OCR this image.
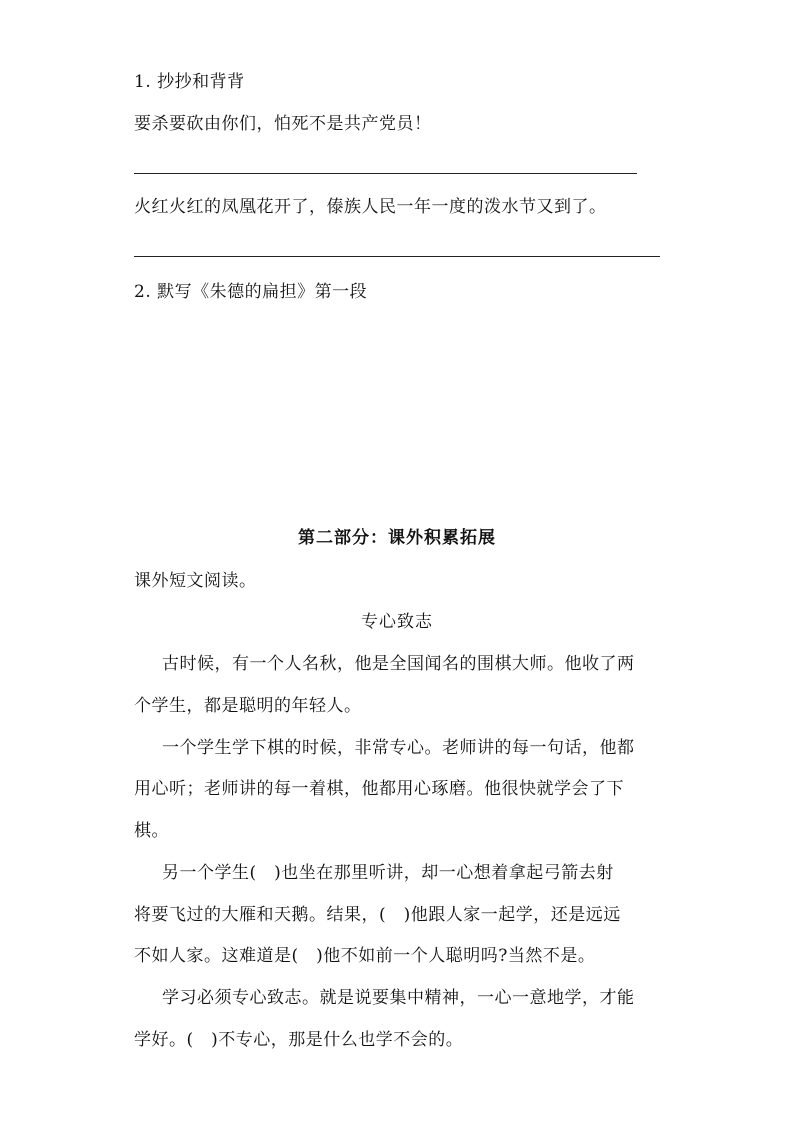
1. 抄抄和背背
要杀要砍由你们，怕死不是共产党员！
火红火红的凤凰花开了，傣族人民一年一度的泼水节又到了。
2. 默写《朱德的扁担》第一段
第二部分：课外积累拓展
课外短文阅读。
专心致志
古时候，有一个人名秋，他是全国闻名的围棋大师。他收了两
个学生，都是聪明的年轻人。
一个学生学下棋的时候，非常专心。老师讲的每一句话，他都
用心听；老师讲的每一着棋，他都用心琢磨。他很快就学会了下
棋。
另一个学生(　)也坐在那里听讲，却一心想着拿起弓箭去射
将要飞过的大雁和天鹅。结果，(　)他跟人家一起学，还是远远
不如人家。这难道是(　)他不如前一个人聪明吗?当然不是。
学习必须专心致志。就是说要集中精神，一心一意地学，才能
学好。(　)不专心，那是什么也学不会的。
